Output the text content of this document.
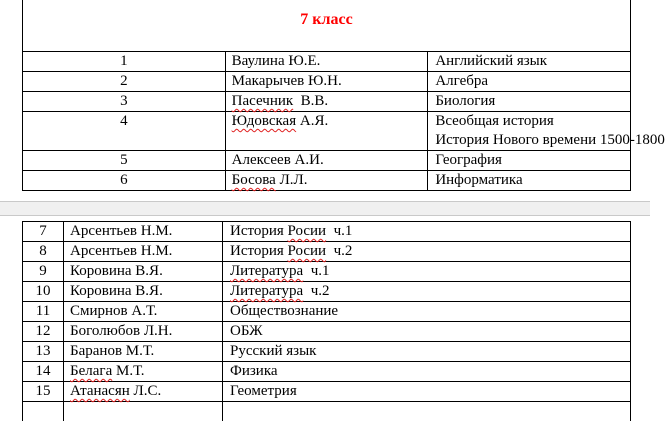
7 класс		
1	Ваулина Ю.Е.	Английский язык
2	Макарычев Ю.Н.	Алгебра
3	Пасечник  В.В.	Биология
4	Юдовская А.Я.	Всеобщая история
История Нового времени 1500-1800

5	Алексеев А.И.	География
6	Босова Л.Л.	Информатика
7	Арсентьев Н.М.	История Росии  ч.1
8	Арсентьев Н.М.	История Росии  ч.2
9	Коровина В.Я.	Литература  ч.1
10	Коровина В.Я.	Литература  ч.2
11	Смирнов А.Т.	Обществознание
12	Боголюбов Л.Н.	ОБЖ
13	Баранов М.Т.	Русский язык
14	Белага М.Т.	Физика
15	Атанасян Л.С.	Геометрия
